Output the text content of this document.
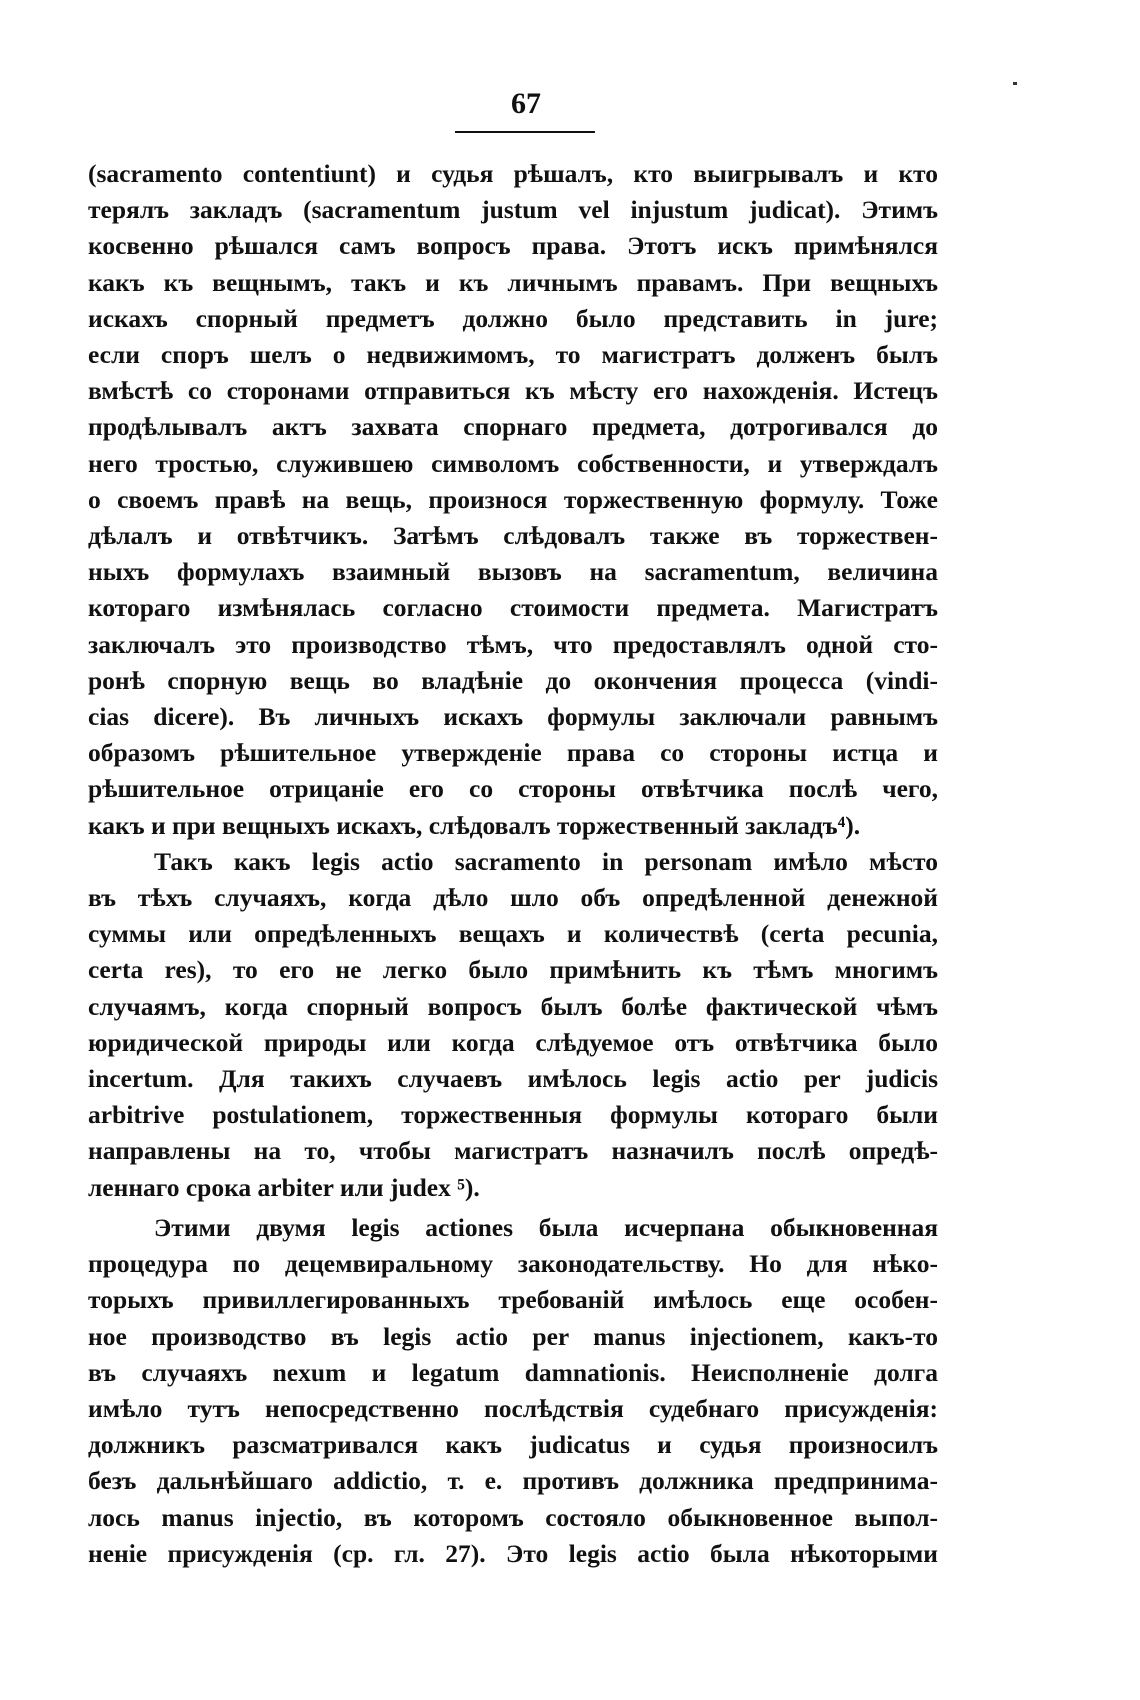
67
(sacramento contentiunt) и судья рѣшалъ, кто выигрывалъ и кто
терялъ закладъ (sacramentum justum vel injustum judicat). Этимъ
косвенно рѣшался самъ вопросъ права. Этотъ искъ примѣнялся
какъ къ вещнымъ, такъ и къ личнымъ правамъ. При вещныхъ
искахъ спорный предметъ должно было представить in jure;
если споръ шелъ о недвижимомъ, то магистратъ долженъ былъ
вмѣстѣ со сторонами отправиться къ мѣсту его нахожденія. Истецъ
продѣлывалъ актъ захвата спорнаго предмета, дотрогивался до
него тростью, служившею символомъ собственности, и утверждалъ
о своемъ правѣ на вещь, произнося торжественную формулу. Тоже
дѣлалъ и отвѣтчикъ. Затѣмъ слѣдовалъ также въ торжествен-
ныхъ формулахъ взаимный вызовъ на sacramentum, величина
котораго измѣнялась согласно стоимости предмета. Магистратъ
заключалъ это производство тѣмъ, что предоставлялъ одной сто-
ронѣ спорную вещь во владѣніе до окончения процесса (vindi-
cias dicere). Въ личныхъ искахъ формулы заключали равнымъ
образомъ рѣшительное утвержденіе права со стороны истца и
рѣшительное отрицаніе его со стороны отвѣтчика послѣ чего,
какъ и при вещныхъ искахъ, слѣдовалъ торжественный закладъ⁴).
Такъ какъ legis actio sacramento in personam имѣло мѣсто
въ тѣхъ случаяхъ, когда дѣло шло объ опредѣленной денежной
суммы или опредѣленныхъ вещахъ и количествѣ (certa pecunia,
certa res), то его не легко было примѣнить къ тѣмъ многимъ
случаямъ, когда спорный вопросъ былъ болѣе фактической чѣмъ
юридической природы или когда слѣдуемое отъ отвѣтчика было
incertum. Для такихъ случаевъ имѣлось legis actio per judicis
arbitrive postulationem, торжественныя формулы котораго были
направлены на то, чтобы магистратъ назначилъ послѣ опредѣ-
леннаго срока arbiter или judex ⁵).
Этими двумя legis actiones была исчерпана обыкновенная
процедура по децемвиральному законодательству. Но для нѣко-
торыхъ привиллегированныхъ требованій имѣлось еще особен-
ное производство въ legis actio per manus injectionem, какъ-то
въ случаяхъ nexum и legatum damnationis. Неисполненіе долга
имѣло тутъ непосредственно послѣдствія судебнаго присужденія:
должникъ разсматривался какъ judicatus и судья произносилъ
безъ дальнѣйшаго addictio, т. е. противъ должника предпринима-
лось manus injectio, въ которомъ состояло обыкновенное выпол-
неніе присужденія (ср. гл. 27). Это legis actio была нѣкоторыми
